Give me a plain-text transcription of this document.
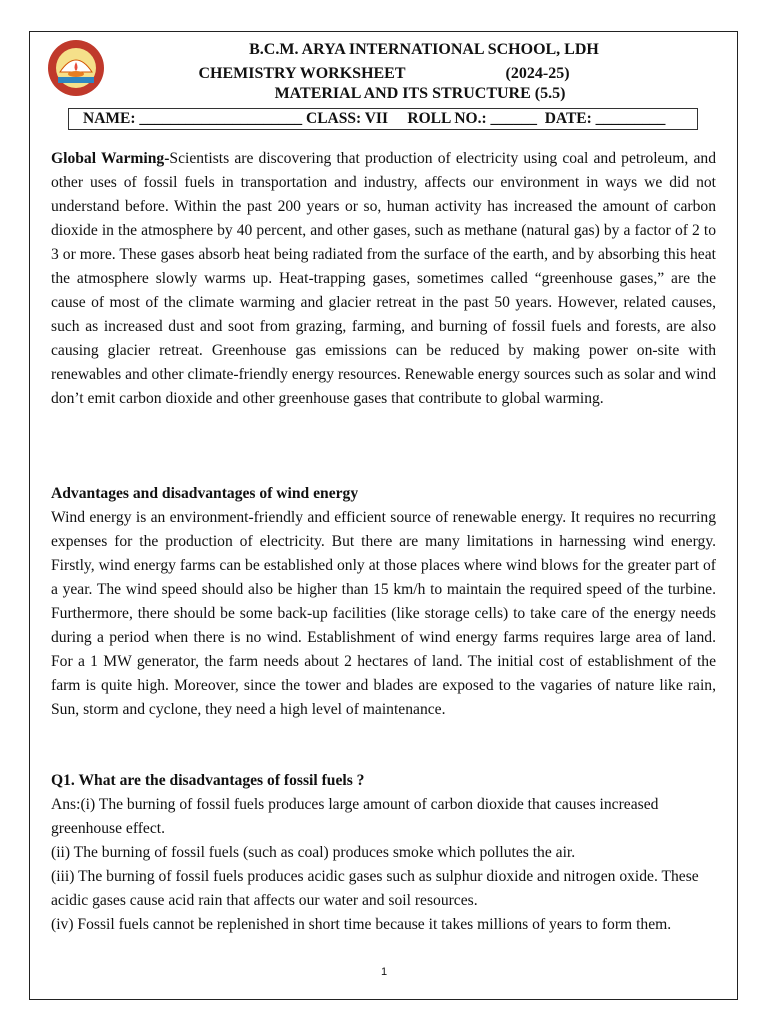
B.C.M. ARYA INTERNATIONAL SCHOOL, LDH
CHEMISTRY WORKSHEET	(2024-25)
MATERIAL AND ITS STRUCTURE (5.5)
NAME: _____________________ CLASS: VII     ROLL NO.: ______  DATE: _________
Global Warming-Scientists are discovering that production of electricity using coal and petroleum, and other uses of fossil fuels in transportation and industry, affects our environment in ways we did not understand before. Within the past 200 years or so, human activity has increased the amount of carbon dioxide in the atmosphere by 40 percent, and other gases, such as methane (natural gas) by a factor of 2 to 3 or more. These gases absorb heat being radiated from the surface of the earth, and by absorbing this heat the atmosphere slowly warms up. Heat-trapping gases, sometimes called “greenhouse gases,” are the cause of most of the climate warming and glacier retreat in the past 50 years. However, related causes, such as increased dust and soot from grazing, farming, and burning of fossil fuels and forests, are also causing glacier retreat. Greenhouse gas emissions can be reduced by making power on-site with renewables and other climate-friendly energy resources. Renewable energy sources such as solar and wind don’t emit carbon dioxide and other greenhouse gases that contribute to global warming.
Advantages and disadvantages of wind energy
Wind energy is an environment-friendly and efficient source of renewable energy. It requires no recurring expenses for the production of electricity. But there are many limitations in harnessing wind energy. Firstly, wind energy farms can be established only at those places where wind blows for the greater part of a year. The wind speed should also be higher than 15 km/h to maintain the required speed of the turbine. Furthermore, there should be some back-up facilities (like storage cells) to take care of the energy needs during a period when there is no wind. Establishment of wind energy farms requires large area of land. For a 1 MW generator, the farm needs about 2 hectares of land. The initial cost of establishment of the farm is quite high. Moreover, since the tower and blades are exposed to the vagaries of nature like rain, Sun, storm and cyclone, they need a high level of maintenance.
Q1. What are the disadvantages of fossil fuels ?
Ans:(i) The burning of fossil fuels produces large amount of carbon dioxide that causes increased greenhouse effect.
(ii) The burning of fossil fuels (such as coal) produces smoke which pollutes the air.
(iii) The burning of fossil fuels produces acidic gases such as sulphur dioxide and nitrogen oxide. These acidic gases cause acid rain that affects our water and soil resources.
(iv) Fossil fuels cannot be replenished in short time because it takes millions of years to form them.
1
